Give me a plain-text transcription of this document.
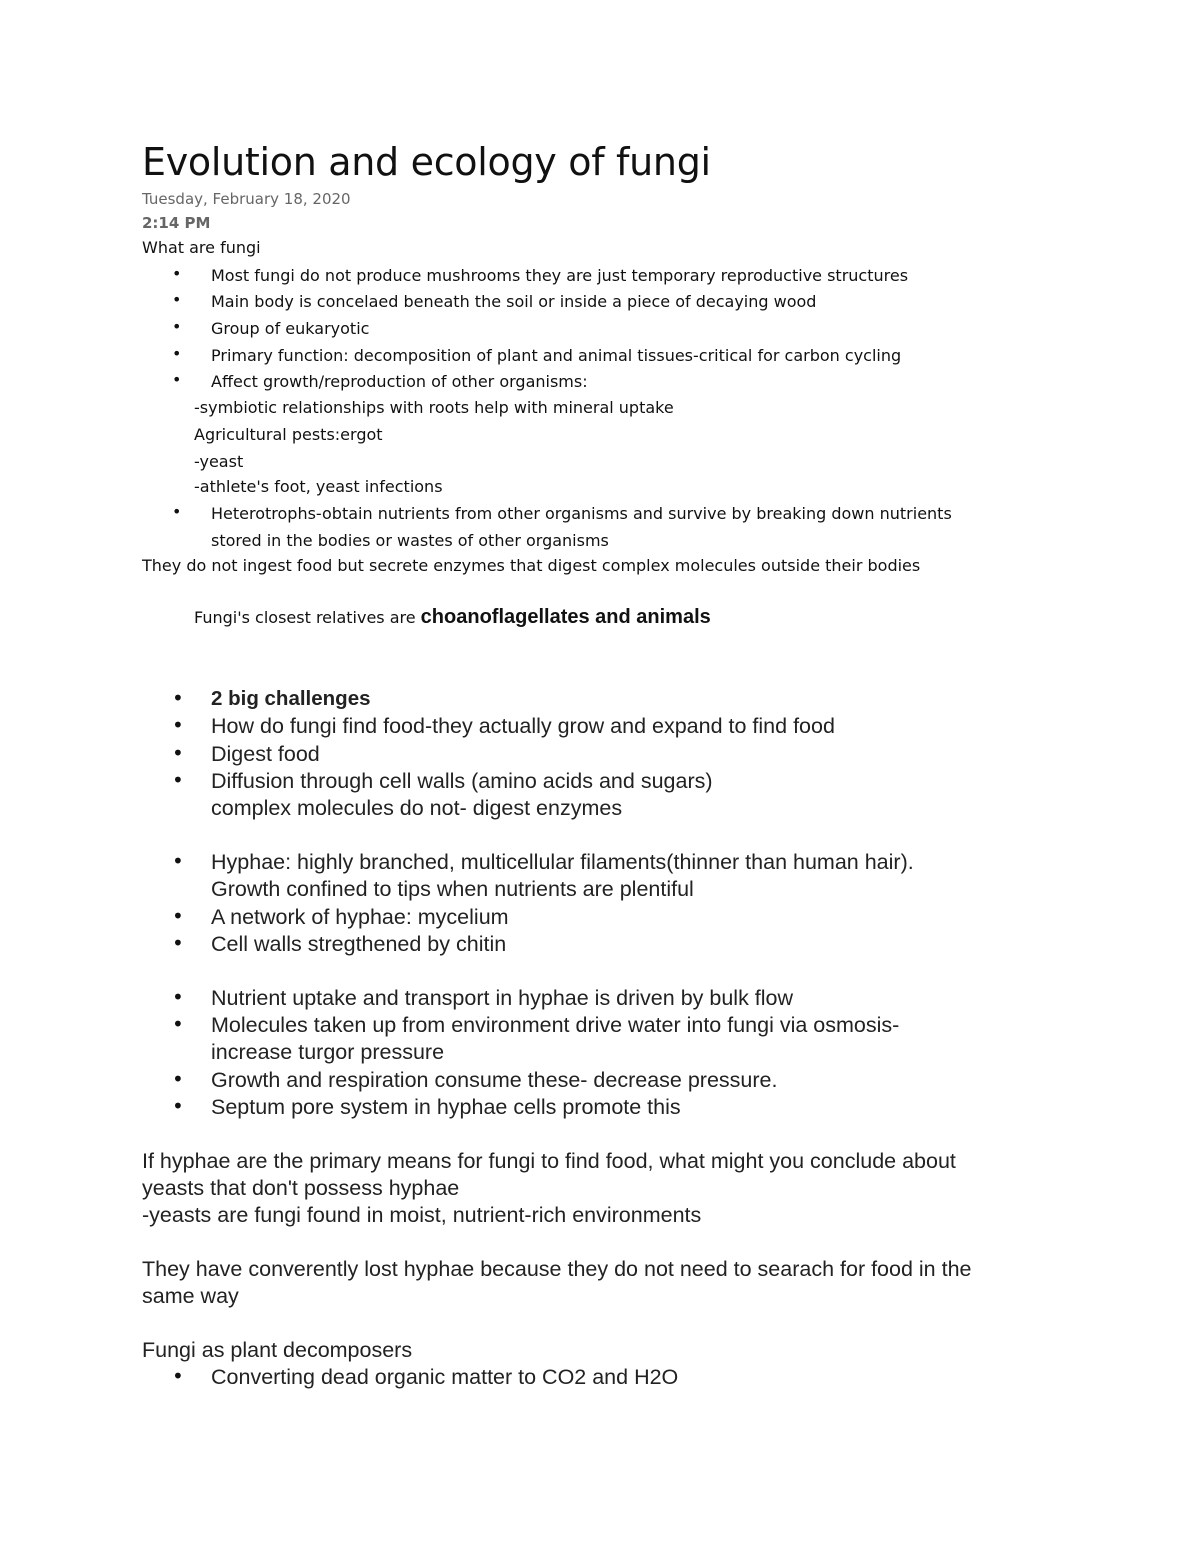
Evolution and ecology of fungi
Tuesday, February 18, 2020
2:14 PM
What are fungi
• Most fungi do not produce mushrooms they are just temporary reproductive structures
• Main body is concelaed beneath the soil or inside a piece of decaying wood
• Group of eukaryotic
• Primary function: decomposition of plant and animal tissues-critical for carbon cycling
• Affect growth/reproduction of other organisms:
-symbiotic relationships with roots help with mineral uptake
Agricultural pests:ergot
-yeast
-athlete's foot, yeast infections
• Heterotrophs-obtain nutrients from other organisms and survive by breaking down nutrients
stored in the bodies or wastes of other organisms
They do not ingest food but secrete enzymes that digest complex molecules outside their bodies
Fungi's closest relatives are choanoflagellates and animals
• 2 big challenges
• How do fungi find food-they actually grow and expand to find food
• Digest food
• Diffusion through cell walls (amino acids and sugars)
complex molecules do not- digest enzymes
• Hyphae: highly branched, multicellular filaments(thinner than human hair).
Growth confined to tips when nutrients are plentiful
• A network of hyphae: mycelium
• Cell walls stregthened by chitin
• Nutrient uptake and transport in hyphae is driven by bulk flow
• Molecules taken up from environment drive water into fungi via osmosis-
increase turgor pressure
• Growth and respiration consume these- decrease pressure.
• Septum pore system in hyphae cells promote this
If hyphae are the primary means for fungi to find food, what might you conclude about
yeasts that don't possess hyphae
-yeasts are fungi found in moist, nutrient-rich environments
They have converently lost hyphae because they do not need to searach for food in the
same way
Fungi as plant decomposers
• Converting dead organic matter to CO2 and H2O
